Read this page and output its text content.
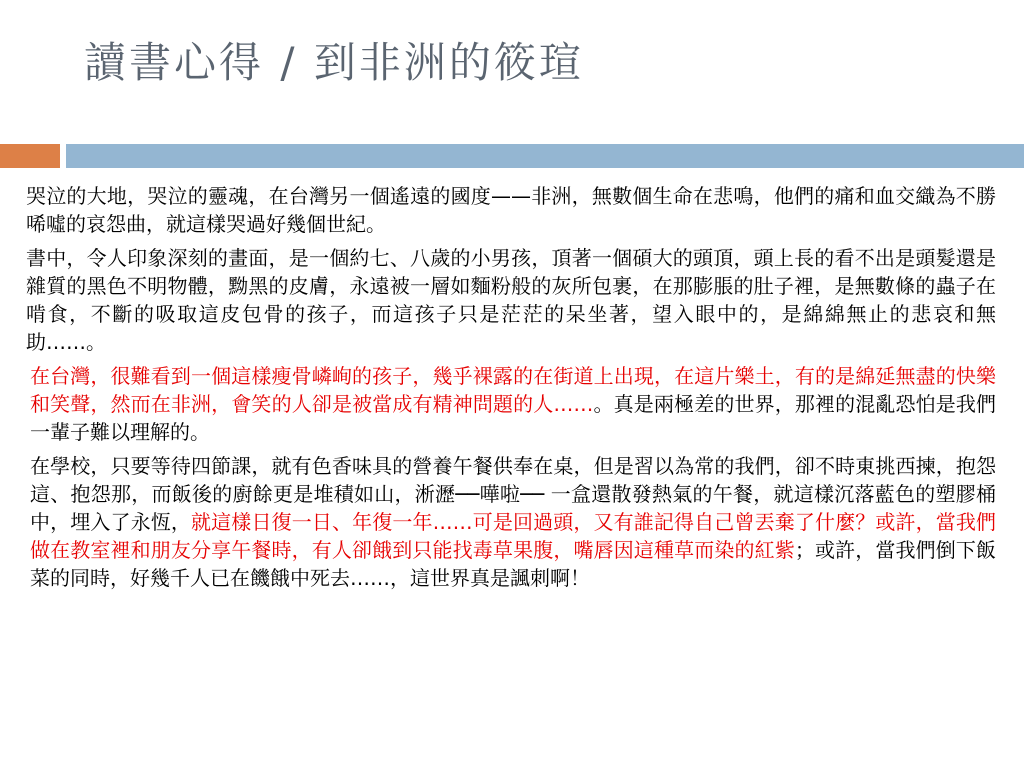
讀書心得 / 到非洲的筱瑄

哭泣的大地，哭泣的靈魂，在台灣另一個遙遠的國度——非洲，無數個生命在悲鳴，他們的痛和血交織為不勝唏噓的哀怨曲，就這樣哭過好幾個世紀。

書中，令人印象深刻的畫面，是一個約七、八歲的小男孩，頂著一個碩大的頭頂，頭上長的看不出是頭髮還是雜質的黑色不明物體，黝黑的皮膚，永遠被一層如麵粉般的灰所包裹，在那膨脹的肚子裡，是無數條的蟲子在啃食，不斷的吸取這皮包骨的孩子，而這孩子只是茫茫的呆坐著，望入眼中的，是綿綿無止的悲哀和無助……。

在台灣，很難看到一個這樣瘦骨嶙峋的孩子，幾乎裸露的在街道上出現，在這片樂土，有的是綿延無盡的快樂和笑聲，然而在非洲，會笑的人卻是被當成有精神問題的人……。真是兩極差的世界，那裡的混亂恐怕是我們一輩子難以理解的。

在學校，只要等待四節課，就有色香味具的營養午餐供奉在桌，但是習以為常的我們，卻不時東挑西揀，抱怨這、抱怨那，而飯後的廚餘更是堆積如山，淅瀝──嘩啦── 一盒還散發熱氣的午餐，就這樣沉落藍色的塑膠桶中，埋入了永恆，就這樣日復一日、年復一年……可是回過頭，又有誰記得自己曾丟棄了什麼？或許，當我們做在教室裡和朋友分享午餐時，有人卻餓到只能找毒草果腹，嘴唇因這種草而染的紅紫；或許，當我們倒下飯菜的同時，好幾千人已在饑餓中死去……，這世界真是諷刺啊！
